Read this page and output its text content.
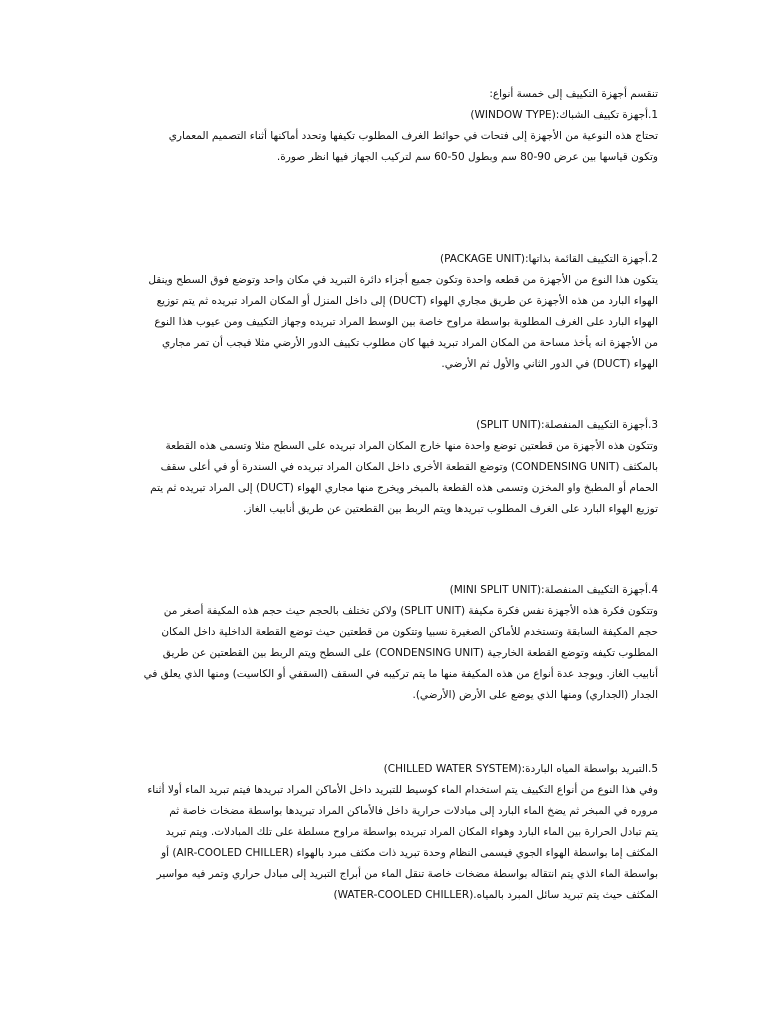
تنقسم أجهزة التكييف إلى خمسة أنواع:

1.أجهزة تكييف الشباك:(WINDOW TYPE)

تحتاج هذه النوعية من الأجهزة إلى فتحات في حوائط الغرف المطلوب تكيفها وتحدد أماكنها أثناء التصميم المعماري

وتكون قياسها بين عرض 90-80 سم وبطول 50-60 سم لتركيب الجهاز فيها انظر صورة.

2.أجهزة التكييف القائمة بذاتها:(PACKAGE UNIT)

يتكون هذا النوع من الأجهزة من قطعه واحدة وتكون جميع أجزاء دائرة التبريد في مكان واحد وتوضع فوق السطح وينقل

الهواء البارد من هذه الأجهزة عن طريق مجاري الهواء (DUCT) إلى داخل المنزل أو المكان المراد تبريده ثم يتم توزيع

الهواء البارد على الغرف المطلوبة بواسطة مراوح خاصة بين الوسط المراد تبريده وجهاز التكييف ومن عيوب هذا النوع

من الأجهزة انه يأخذ مساحة من المكان المراد تبريد فيها كان مطلوب تكييف الدور الأرضي مثلا فيجب أن تمر مجاري

الهواء (DUCT) في الدور الثاني والأول ثم الأرضي.

3.أجهزة التكييف المنفصلة:(SPLIT UNIT)

وتتكون هذه الأجهزة من قطعتين توضع واحدة منها خارج المكان المراد تبريده على السطح مثلا وتسمى هذه القطعة

بالمكثف (CONDENSING UNIT) وتوضع القطعة الأخرى داخل المكان المراد تبريده في السندرة أو في أعلى سقف

الحمام أو المطبخ واو المخزن وتسمى هذه القطعة بالمبخر ويخرج منها مجاري الهواء (DUCT) إلى المراد تبريده ثم يتم

توزيع الهواء البارد على الغرف المطلوب تبريدها ويتم الربط بين القطعتين عن طريق أنابيب الغاز.

4.أجهزة التكييف المنفصلة:(MINI SPLIT UNIT)

وتتكون فكرة هذه الأجهزة نفس فكرة مكيفة (SPLIT UNIT) ولاكن تختلف بالحجم حيث حجم هذه المكيفة أصغر من

حجم المكيفة السابقة وتستخدم للأماكن الصغيرة نسبيا وتتكون من قطعتين حيث توضع القطعة الداخلية داخل المكان

المطلوب تكيفه وتوضع القطعة الخارجية (CONDENSING UNIT) على السطح ويتم الربط بين القطعتين عن طريق

أنابيب الغاز. ويوجد عدة أنواع من هذه المكيفة منها ما يتم تركيبه في السقف (السقفي أو الكاسيت) ومنها الذي يعلق في

الجدار (الجداري) ومنها الذي يوضع على الأرض (الأرضي).

5.التبريد بواسطة المياه الباردة:(CHILLED WATER SYSTEM)

وفي هذا النوع من أنواع التكييف يتم استخدام الماء كوسيط للتبريد داخل الأماكن المراد تبريدها فيتم تبريد الماء أولا أثناء

مروره في المبخر ثم يضخ الماء البارد إلى مبادلات حرارية داخل فالأماكن المراد تبريدها بواسطة مضخات خاصة ثم

يتم تبادل الحرارة بين الماء البارد وهواء المكان المراد تبريده بواسطة مراوح مسلطة على تلك المبادلات. ويتم تبريد

المكثف إما بواسطة الهواء الجوي فيسمى النظام وحدة تبريد ذات مكثف مبرد بالهواء (AIR-COOLED CHILLER) أو

بواسطة الماء الذي يتم انتقاله بواسطة مضخات خاصة تنقل الماء من أبراج التبريد إلى مبادل حراري وتمر فيه مواسير

المكثف حيث يتم تبريد سائل المبرد بالمياه.(WATER-COOLED CHILLER)
